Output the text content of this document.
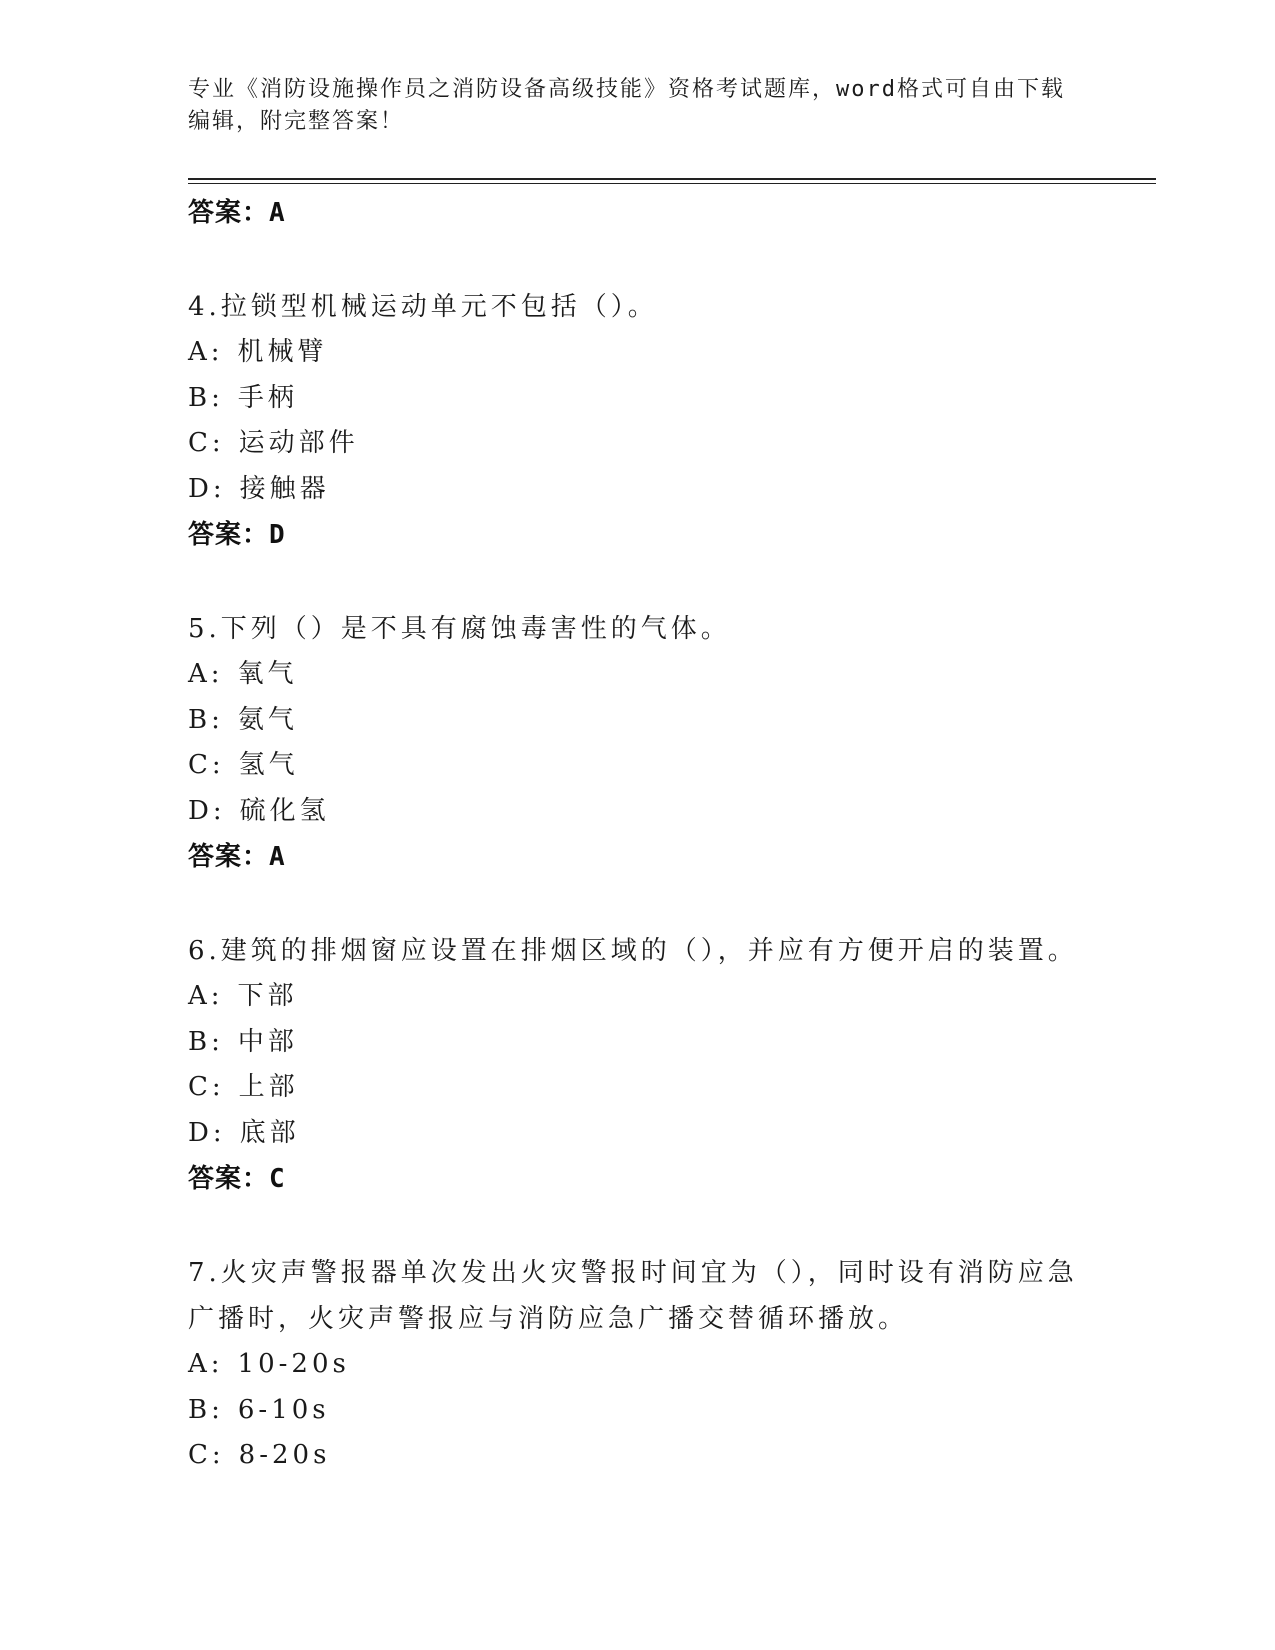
专业《消防设施操作员之消防设备高级技能》资格考试题库，word格式可自由下载编辑，附完整答案！
答案：A
4.拉锁型机械运动单元不包括（）。
A: 机械臂
B: 手柄
C: 运动部件
D: 接触器
答案：D
5.下列（）是不具有腐蚀毒害性的气体。
A: 氧气
B: 氨气
C: 氢气
D: 硫化氢
答案：A
6.建筑的排烟窗应设置在排烟区域的（），并应有方便开启的装置。
A: 下部
B: 中部
C: 上部
D: 底部
答案：C
7.火灾声警报器单次发出火灾警报时间宜为（），同时设有消防应急广播时，火灾声警报应与消防应急广播交替循环播放。
A: 10-20s
B: 6-10s
C: 8-20s
